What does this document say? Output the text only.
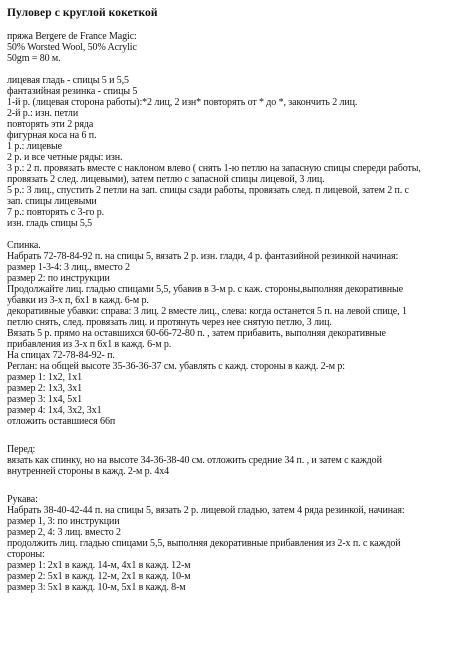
Пуловер с круглой кокеткой
пряжа Bergere de France Magic:
50% Worsted Wool, 50% Acrylic
50gm = 80 м.
лицевая гладь - спицы 5 и 5,5
фантазийная резинка - спицы 5
1-й р. (лицевая сторона работы):*2 лиц, 2 изн* повторять от * до *, закончить 2 лиц.
2-й р.: изн. петли
повторять эти 2 ряда
фигурная коса на 6 п.
1 р.: лицевые
2 р. и все четные ряды: изн.
3 р.: 2 п. провязать вместе с наклоном влево ( снять 1-ю петлю на запасную спицы спереди работы,
провязать 2 след. лицевыми), затем петлю с запасной спицы лицевой, 3 лиц.
5 р.: 3 лиц., спустить 2 петли на зап. спицы сзади работы, провязать след. п лицевой, затем 2 п. с
зап. спицы лицевыми
7 р.: повторять с 3-го р.
изн. гладь спицы 5,5
Спинка.
Набрать 72-78-84-92 п. на спицы 5, вязать 2 р. изн. глади, 4 р. фантазийной резинкой начиная:
размер 1-3-4: 3 лиц., вместо 2
размер 2: по инструкции
Продолжайте лиц. гладью спицами 5,5, убавив в 3-м р. с каж. стороны,выполняя декоративные
убавки из 3-х п, 6x1 в кажд. 6-м р.
декоративные убавки: справа: 3 лиц. 2 вместе лиц., слева: когда останется 5 п. на левой спице, 1
петлю снять, след. провязать лиц. и протянуть через нее снятую петлю, 3 лиц.
Вязать 5 р. прямо на оставшихся 60-66-72-80 п. , затем прибавить, выполняя декоративные
прибавления из 3-х п 6x1 в кажд. 6-м р.
На спицах 72-78-84-92- п.
Реглан: на общей высоте 35-36-36-37 см. убавлять с кажд. стороны в кажд. 2-м р:
размер 1: 1x2, 1x1
размер 2: 1x3, 3x1
размер 3: 1x4, 5x1
размер 4: 1x4, 3x2, 3x1
отложить оставшиеся 66п
Перед:
вязать как спинку, но на высоте 34-36-38-40 см. отложить средние 34 п. , и затем с каждой
внутренней стороны в кажд. 2-м р. 4x4
Рукава:
Набрать 38-40-42-44 п. на спицы 5, вязать 2 р. лицевой гладью, затем 4 ряда резинкой, начиная:
размер 1, 3: по инструкции
размер 2, 4: 3 лиц. вместо 2
продолжить лиц. гладью спицами 5,5, выполняя декоративные прибавления из 2-х п. с каждой
стороны:
размер 1: 2x1 в кажд. 14-м, 4x1 в кажд. 12-м
размер 2: 5x1 в кажд. 12-м, 2x1 в кажд. 10-м
размер 3: 5x1 в кажд. 10-м, 5x1 в кажд. 8-м
